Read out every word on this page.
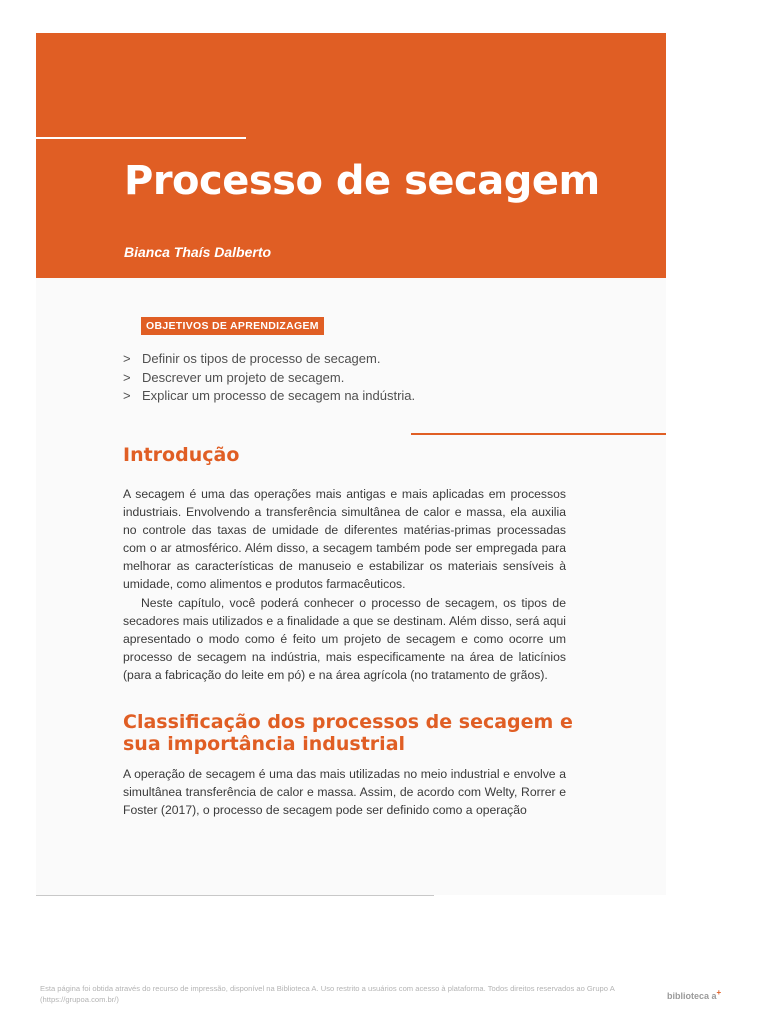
Processo de secagem

Bianca Thaís Dalberto

OBJETIVOS DE APRENDIZAGEM
> Definir os tipos de processo de secagem.
> Descrever um projeto de secagem.
> Explicar um processo de secagem na indústria.
Introdução

A secagem é uma das operações mais antigas e mais aplicadas em processos industriais. Envolvendo a transferência simultânea de calor e massa, ela auxilia no controle das taxas de umidade de diferentes matérias-primas processadas com o ar atmosférico. Além disso, a secagem também pode ser empregada para melhorar as características de manuseio e estabilizar os materiais sensíveis à umidade, como alimentos e produtos farmacêuticos.

Neste capítulo, você poderá conhecer o processo de secagem, os tipos de secadores mais utilizados e a finalidade a que se destinam. Além disso, será aqui apresentado o modo como é feito um projeto de secagem e como ocorre um processo de secagem na indústria, mais especificamente na área de laticínios (para a fabricação do leite em pó) e na área agrícola (no tratamento de grãos).

Classificação dos processos de secagem e sua importância industrial

A operação de secagem é uma das mais utilizadas no meio industrial e envolve a simultânea transferência de calor e massa. Assim, de acordo com Welty, Rorrer e Foster (2017), o processo de secagem pode ser definido como a operação

Esta página foi obtida através do recurso de impressão, disponível na Biblioteca A. Uso restrito a usuários com acesso à plataforma. Todos direitos reservados ao Grupo A (https://grupoa.com.br/)	biblioteca a+
